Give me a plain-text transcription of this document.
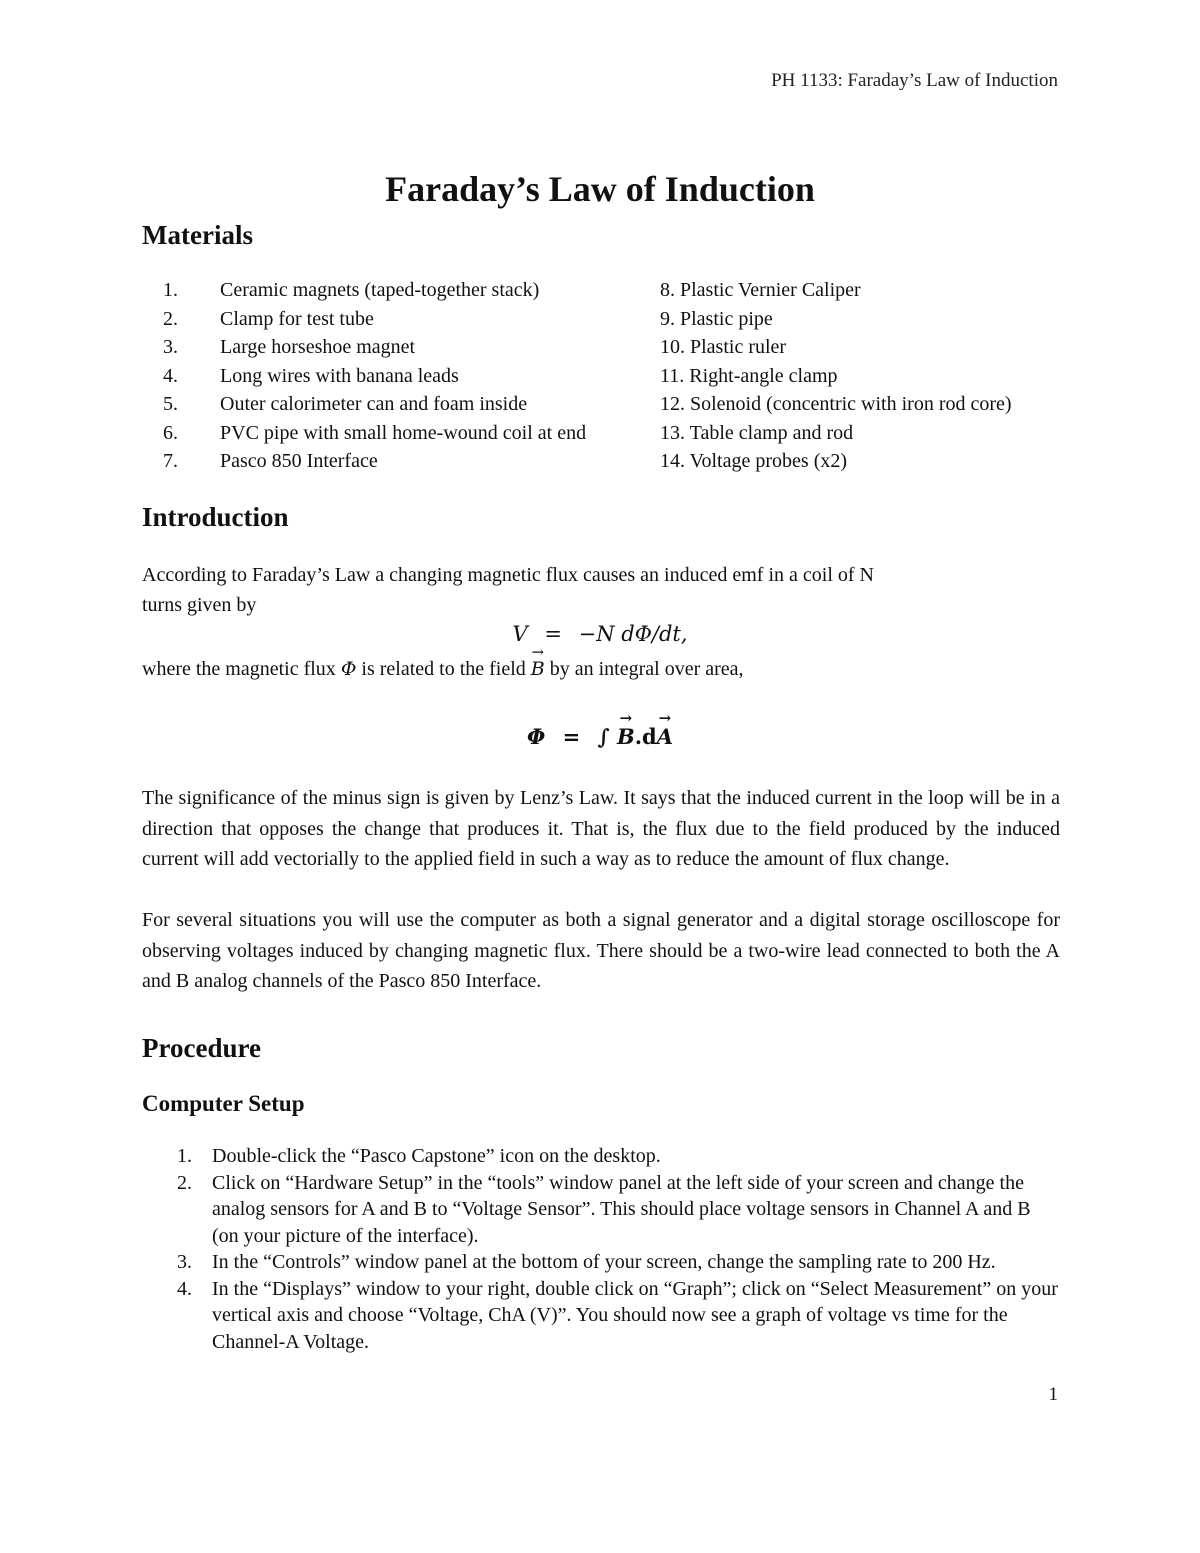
PH 1133: Faraday’s Law of Induction
Faraday’s Law of Induction
Materials
1. Ceramic magnets (taped-together stack)
2. Clamp for test tube
3. Large horseshoe magnet
4. Long wires with banana leads
5. Outer calorimeter can and foam inside
6. PVC pipe with small home-wound coil at end
7. Pasco 850 Interface
8. Plastic Vernier Caliper
9. Plastic pipe
10. Plastic ruler
11. Right-angle clamp
12. Solenoid (concentric with iron rod core)
13. Table clamp and rod
14. Voltage probes (x2)
Introduction
According to Faraday’s Law a changing magnetic flux causes an induced emf in a coil of N
turns given by
V = −N dΦ/dt,
where the magnetic flux Φ is related to the field → B by an integral over area,
Φ = ∫ → B.d→ A
The significance of the minus sign is given by Lenz’s Law. It says that the induced current in the loop will be in a direction that opposes the change that produces it. That is, the flux due to the field produced by the induced current will add vectorially to the applied field in such a way as to reduce the amount of flux change.
For several situations you will use the computer as both a signal generator and a digital storage oscilloscope for observing voltages induced by changing magnetic flux. There should be a two-wire lead connected to both the A and B analog channels of the Pasco 850 Interface.
Procedure
Computer Setup
1.	Double-click the “Pasco Capstone” icon on the desktop.
2.	Click on “Hardware Setup” in the “tools” window panel at the left side of your screen and change the analog sensors for A and B to “Voltage Sensor”. This should place voltage sensors in Channel A and B (on your picture of the interface).
3.	In the “Controls” window panel at the bottom of your screen, change the sampling rate to 200 Hz.
4.	In the “Displays” window to your right, double click on “Graph”; click on “Select Measurement” on your vertical axis and choose “Voltage, ChA (V)”. You should now see a graph of voltage vs time for the Channel-A Voltage.
1
